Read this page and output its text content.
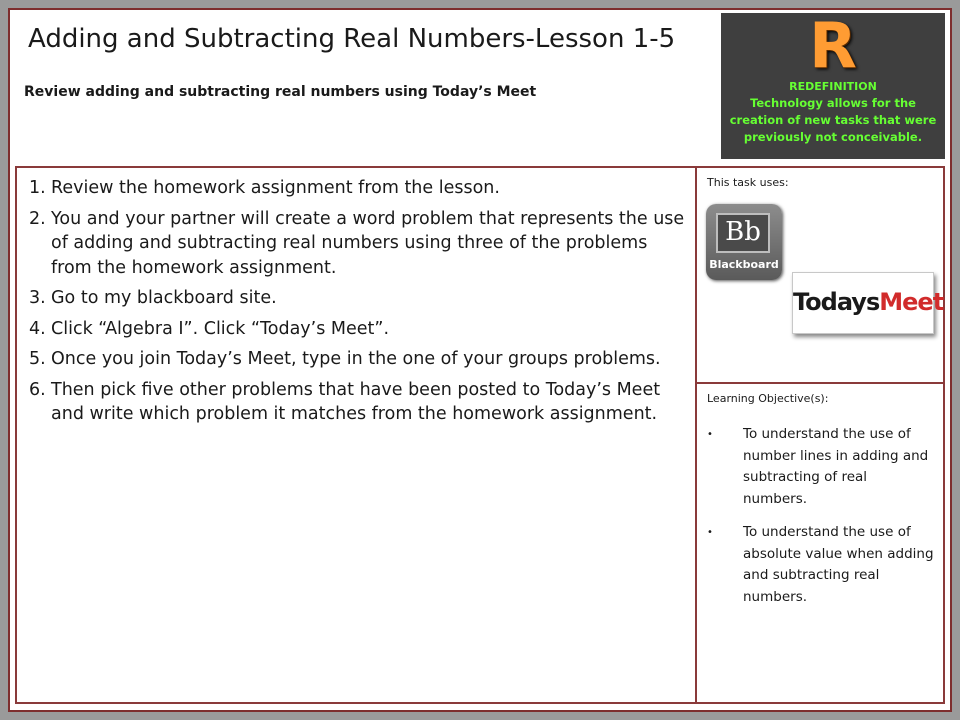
Adding and Subtracting Real Numbers-Lesson 1-5
Review adding and subtracting real numbers using Today’s Meet
R
REDEFINITION
Technology allows for the creation of new tasks that were previously not conceivable.
1. Review the homework assignment from the lesson.
2. You and your partner will create a word problem that represents the use of adding and subtracting real numbers using three of the problems from the homework assignment.
3. Go to my blackboard site.
4. Click “Algebra I”. Click “Today’s Meet”.
5. Once you join Today’s Meet, type in the one of your groups problems.
6. Then pick five other problems that have been posted to Today’s Meet and write which problem it matches from the homework assignment.
This task uses:
Bb
Blackboard
TodaysMeet
Learning Objective(s):
• To understand the use of number lines in adding and subtracting of real numbers.
• To understand the use of absolute value when adding and subtracting real numbers.
